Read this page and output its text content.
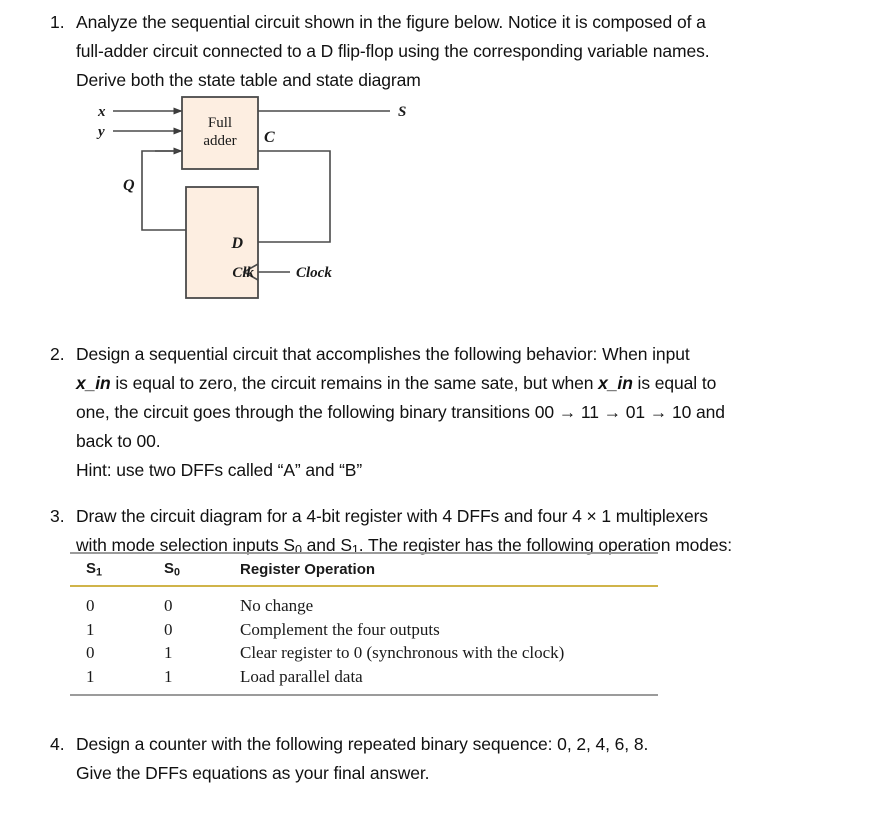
1. Analyze the sequential circuit shown in the figure below. Notice it is composed of a

full-adder circuit connected to a D flip-flop using the corresponding variable names.

Derive both the state table and state diagram

x
y
Q
S
C
D
Clk	Clock
Full
adder
2. Design a sequential circuit that accomplishes the following behavior: When input

x_in is equal to zero, the circuit remains in the same sate, but when x_in is equal to

one, the circuit goes through the following binary transitions 00 → 11 → 01 → 10 and

back to 00.

Hint: use two DFFs called “A” and “B”

3. Draw the circuit diagram for a 4-bit register with 4 DFFs and four 4 × 1 multiplexers

with mode selection inputs $S_0$ and $S_1$. The register has the following operation modes:

$S_1$	$S_0$	Register Operation
0	0	No change
1	0	Complement the four outputs
0	1	Clear register to 0 (synchronous with the clock)
1	1	Load parallel data
4. Design a counter with the following repeated binary sequence: 0, 2, 4, 6, 8.

Give the DFFs equations as your final answer.
